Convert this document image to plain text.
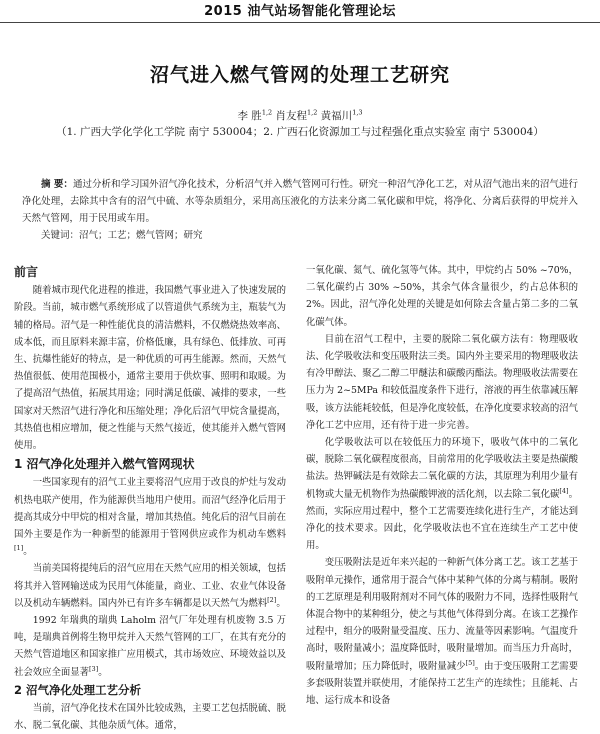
2015 油气站场智能化管理论坛
沼气进入燃气管网的处理工艺研究
李 胜$^{1,2}$ 肖友程$^{1,2}$ 黄福川$^{1,3}$
（1. 广西大学化学化工学院 南宁 530004；2. 广西石化资源加工与过程强化重点实验室 南宁 530004）

摘 要：通过分析和学习国外沼气净化技术，分析沼气并入燃气管网可行性。研究一种沼气净化工艺，对从沼气池出来的沼气进行净化处理，去除其中含有的沼气中硫、水等杂质组分，采用高压液化的方法来分离二氧化碳和甲烷，将净化、分离后获得的甲烷并入天然气管网，用于民用或车用。

关键词：沼气；工艺；燃气管网；研究

前言

随着城市现代化进程的推进，我国燃气事业进入了快速发展的阶段。当前，城市燃气系统形成了以管道供气系统为主，瓶装气为辅的格局。沼气是一种性能优良的清洁燃料，不仅燃烧热效率高、成本低，而且原料来源丰富，价格低廉，具有绿色、低排放、可再生、抗爆性能好的特点，是一种优质的可再生能源。然而，天然气热值很低、使用范围极小，通常主要用于供炊事、照明和取暖。为了提高沼气热值，拓展其用途；同时满足低碳、减排的要求，一些国家对天然沼气进行净化和压缩处理；净化后沼气甲烷含量提高，其热值也相应增加，便之性能与天然气接近，使其能并入燃气管网使用。

1 沼气净化处理并入燃气管网现状

一些国家现有的沼气工业主要将沼气应用于改良的炉灶与发动机热电联产使用，作为能源供当地用户使用。而沼气经净化后用于提高其成分中甲烷的相对含量，增加其热值。纯化后的沼气目前在国外主要是作为一种新型的能源用于管网供应或作为机动车燃料[1]。

当前美国将提纯后的沼气应用在天然气应用的相关领域，包括将其并入管网输送成为民用气体能量，商业、工业、农业气体设备以及机动车辆燃料。国内外已有许多车辆都是以天然气为燃料[2]。

1992 年瑞典的瑞典 Laholm 沼气厂年处理有机废物 3.5 万吨，是瑞典首例将生物甲烷并入天然气管网的工厂，在其有充分的天然气管道地区和国家推广应用模式，其市场效应、环境效益以及社会效应全面显著[3]。

2 沼气净化处理工艺分析

当前，沼气净化技术在国外比较成熟，主要工艺包括脱硫、脱水、脱二氧化碳、其他杂质气体。通常，

一氧化碳、氮气、硫化氢等气体。其中，甲烷约占 50% ~70%，二氧化碳约占 30% ~50%，其余气体含量很少，约占总体积的 2%。因此，沼气净化处理的关键是如何除去含量占第二多的二氧化碳气体。

目前在沼气工程中，主要的脱除二氧化碳方法有：物理吸收法、化学吸收法和变压吸附法三类。国内外主要采用的物理吸收法有冷甲醇法、聚乙二醇二甲醚法和碳酸丙酯法。物理吸收法需要在压力为 2~5MPa 和较低温度条件下进行，溶液的再生依靠减压解吸，该方法能耗较低，但是净化度较低，在净化度要求较高的沼气净化工艺中应用，还有待于进一步完善。

化学吸收法可以在较低压力的环境下，吸收气体中的二氧化碳，脱除二氧化碳程度很高，目前常用的化学吸收法主要是热碳酸盐法。热钾碱法是有效除去二氧化碳的方法，其原理为利用少量有机物或大量无机物作为热碳酸钾液的活化剂，以去除二氧化碳[4]。然而，实际应用过程中，整个工艺需要连续化进行生产，才能达到净化的技术要求。因此，化学吸收法也不宜在连续生产工艺中使用。

变压吸附法是近年来兴起的一种新气体分离工艺。该工艺基于吸附单元操作，通常用于混合气体中某种气体的分离与精制。吸附的工艺原理是利用吸附剂对不同气体的吸附力不同，选择性吸附气体混合物中的某种组分，使之与其他气体得到分离。在该工艺操作过程中，组分的吸附量受温度、压力、流量等因素影响。气温度升高时，吸附量减小；温度降低时，吸附量增加。而当压力升高时，吸附量增加；压力降低时，吸附量减少[5]。由于变压吸附工艺需要多套吸附装置并联使用，才能保持工艺生产的连续性；且能耗、占地、运行成本和设备
